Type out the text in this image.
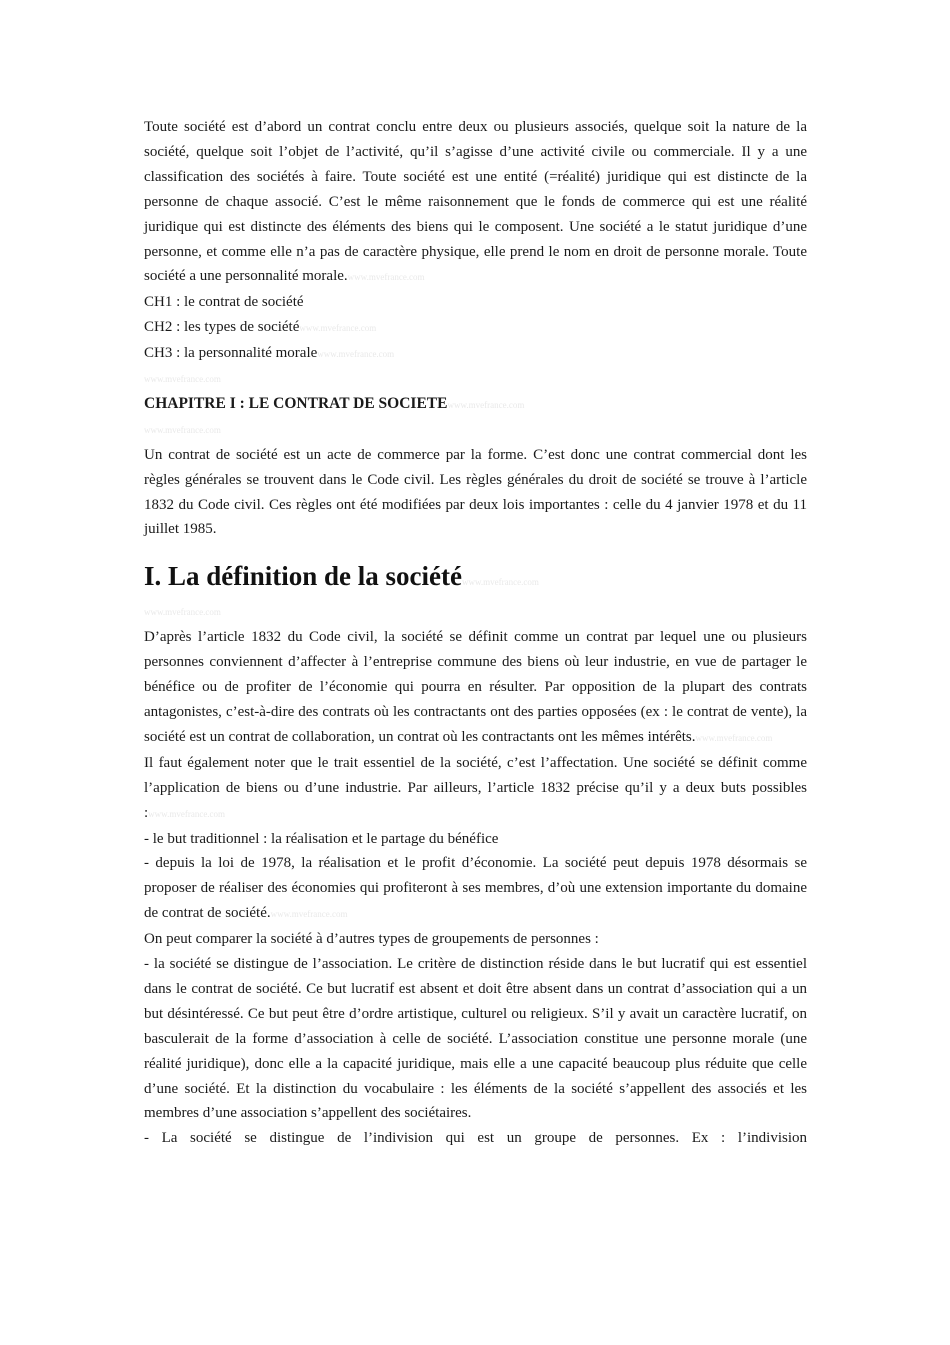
Toute société est d’abord un contrat conclu entre deux ou plusieurs associés, quelque soit la nature de la société, quelque soit l’objet de l’activité, qu’il s’agisse d’une activité civile ou commerciale. Il y a une classification des sociétés à faire. Toute société est une entité (=réalité) juridique qui est distincte de la personne de chaque associé. C’est le même raisonnement que le fonds de commerce qui est une réalité juridique qui est distincte des éléments des biens qui le composent. Une société a le statut juridique d’une personne, et comme elle n’a pas de caractère physique, elle prend le nom en droit de personne morale. Toute société a une personnalité morale.www.mvefrance.com

CH1 : le contrat de société
CH2 : les types de sociétéwww.mvefrance.com
CH3 : la personnalité moralewww.mvefrance.com
www.mvefrance.com
CHAPITRE I : LE CONTRAT DE SOCIETEwww.mvefrance.com
www.mvefrance.com

Un contrat de société est un acte de commerce par la forme. C’est donc une contrat commercial dont les règles générales se trouvent dans le Code civil. Les règles générales du droit de société se trouve à l’article 1832 du Code civil. Ces règles ont été modifiées par deux lois importantes : celle du 4 janvier 1978 et du 11 juillet 1985.

I. La définition de la sociétéwww.mvefrance.com
www.mvefrance.com

D’après l’article 1832 du Code civil, la société se définit comme un contrat par lequel une ou plusieurs personnes conviennent d’affecter à l’entreprise commune des biens où leur industrie, en vue de partager le bénéfice ou de profiter de l’économie qui pourra en résulter. Par opposition de la plupart des contrats antagonistes, c’est-à-dire des contrats où les contractants ont des parties opposées (ex : le contrat de vente), la société est un contrat de collaboration, un contrat où les contractants ont les mêmes intérêts.www.mvefrance.com

Il faut également noter que le trait essentiel de la société, c’est l’affectation. Une société se définit comme l’application de biens ou d’une industrie. Par ailleurs, l’article 1832 précise qu’il y a deux buts possibles :www.mvefrance.com

- le but traditionnel : la réalisation et le partage du bénéfice

- depuis la loi de 1978, la réalisation et le profit d’économie. La société peut depuis 1978 désormais se proposer de réaliser des économies qui profiteront à ses membres, d’où une extension importante du domaine de contrat de société.www.mvefrance.com

On peut comparer la société à d’autres types de groupements de personnes :

- la société se distingue de l’association. Le critère de distinction réside dans le but lucratif qui est essentiel dans le contrat de société. Ce but lucratif est absent et doit être absent dans un contrat d’association qui a un but désintéressé. Ce but peut être d’ordre artistique, culturel ou religieux. S’il y avait un caractère lucratif, on basculerait de la forme d’association à celle de société. L’association constitue une personne morale (une réalité juridique), donc elle a la capacité juridique, mais elle a une capacité beaucoup plus réduite que celle d’une société. Et la distinction du vocabulaire : les éléments de la société s’appellent des associés et les membres d’une association s’appellent des sociétaires.

- La société se distingue de l’indivision qui est un groupe de personnes. Ex : l’indivision
